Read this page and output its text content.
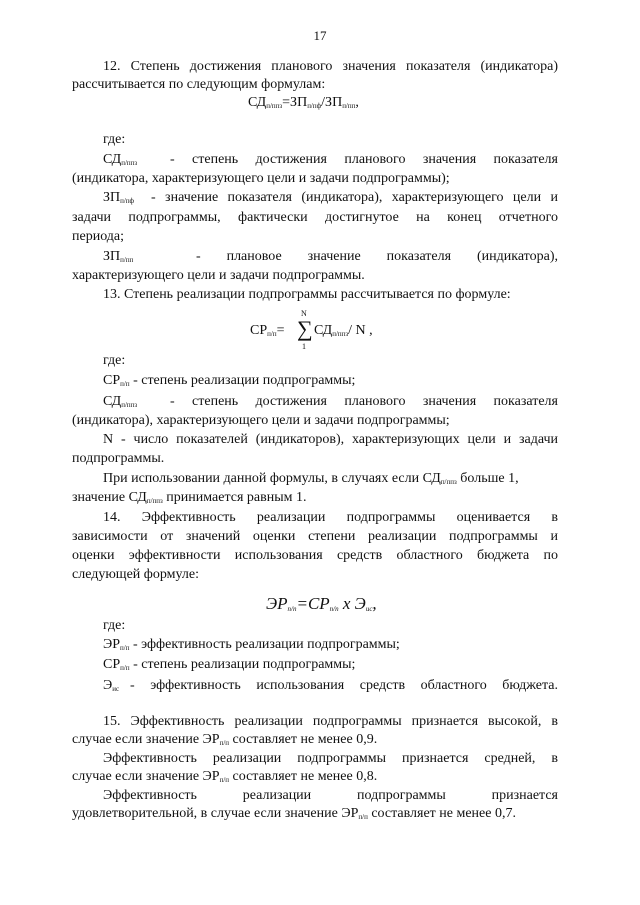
17
12. Степень достижения планового значения показателя (индикатора)
рассчитывается по следующим формулам:
$СД_{п/ппз}=ЗП_{п/пф}/ЗП_{п/пп}$,
где:
$СД_{п/ппз}$ - степень достижения планового значения показателя
(индикатора, характеризующего цели и задачи подпрограммы);
$ЗП_{п/пф}$ - значение показателя (индикатора), характеризующего цели и
задачи подпрограммы, фактически достигнутое на конец отчетного
периода;
$ЗП_{п/пп}$	- плановое значение показателя (индикатора),
характеризующего цели и задачи подпрограммы.
13. Степень реализации подпрограммы рассчитывается по формуле:
$СР_{п/п}=$
N
∑
1
$СД_{п/ппз}/$ N ,
где:
$СР_{п/п}$ - степень реализации подпрограммы;
$СД_{п/ппз}$ - степень достижения планового значения показателя
(индикатора), характеризующего цели и задачи подпрограммы;
N - число показателей (индикаторов), характеризующих цели и задачи
подпрограммы.
При использовании данной формулы, в случаях если $СД_{п/ппз}$ больше 1,
значение $СД_{п/ппз}$ принимается равным 1.
14. Эффективность реализации подпрограммы оценивается в
зависимости от значений оценки степени реализации подпрограммы и
оценки эффективности использования средств областного бюджета по
следующей формуле:
$ЭР_{п/п}=СР_{п/п}$ х $Э_{ис}$,
где:
$ЭР_{п/п}$ - эффективность реализации подпрограммы;
$СР_{п/п}$ - степень реализации подпрограммы;
$Э_{ис}$ - эффективность использования средств областного бюджета.
15. Эффективность реализации подпрограммы признается высокой, в
случае если значение $ЭР_{п/п}$ составляет не менее 0,9.
Эффективность реализации подпрограммы признается средней, в
случае если значение $ЭР_{п/п}$ составляет не менее 0,8.
Эффективность реализации подпрограммы признается
удовлетворительной, в случае если значение $ЭР_{п/п}$ составляет не менее 0,7.
